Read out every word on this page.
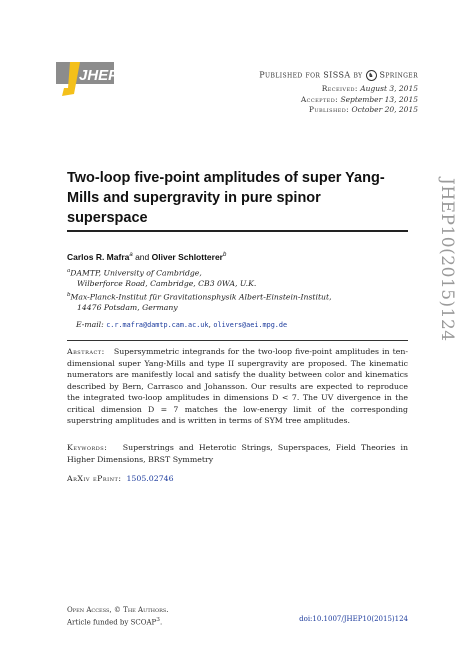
JHEP	Published for SISSA by ♞ Springer
Received: August 3, 2015
Accepted: September 13, 2015
Published: October 20, 2015
Two-loop five-point amplitudes of super Yang-Mills and supergravity in pure spinor superspace
Carlos R. Mafra$^a$ and Oliver Schlotterer$^b$
$^a$DAMTP, University of Cambridge,
Wilberforce Road, Cambridge, CB3 0WA, U.K.
$^b$Max-Planck-Institut für Gravitationsphysik Albert-Einstein-Institut,
14476 Potsdam, Germany
E-mail: c.r.mafra@damtp.cam.ac.uk, olivers@aei.mpg.de
Abstract: Supersymmetric integrands for the two-loop five-point amplitudes in ten-dimensional super Yang-Mills and type II supergravity are proposed. The kinematic numerators are manifestly local and satisfy the duality between color and kinematics described by Bern, Carrasco and Johansson. Our results are expected to reproduce the integrated two-loop amplitudes in dimensions D < 7. The UV divergence in the critical dimension D = 7 matches the low-energy limit of the corresponding superstring amplitudes and is written in terms of SYM tree amplitudes.
Keywords: Superstrings and Heterotic Strings, Superspaces, Field Theories in Higher Dimensions, BRST Symmetry
ArXiv ePrint: 1505.02746
JHEP10(2015)124
Open Access, © The Authors.
Article funded by SCOAP$^3$.	doi:10.1007/JHEP10(2015)124
